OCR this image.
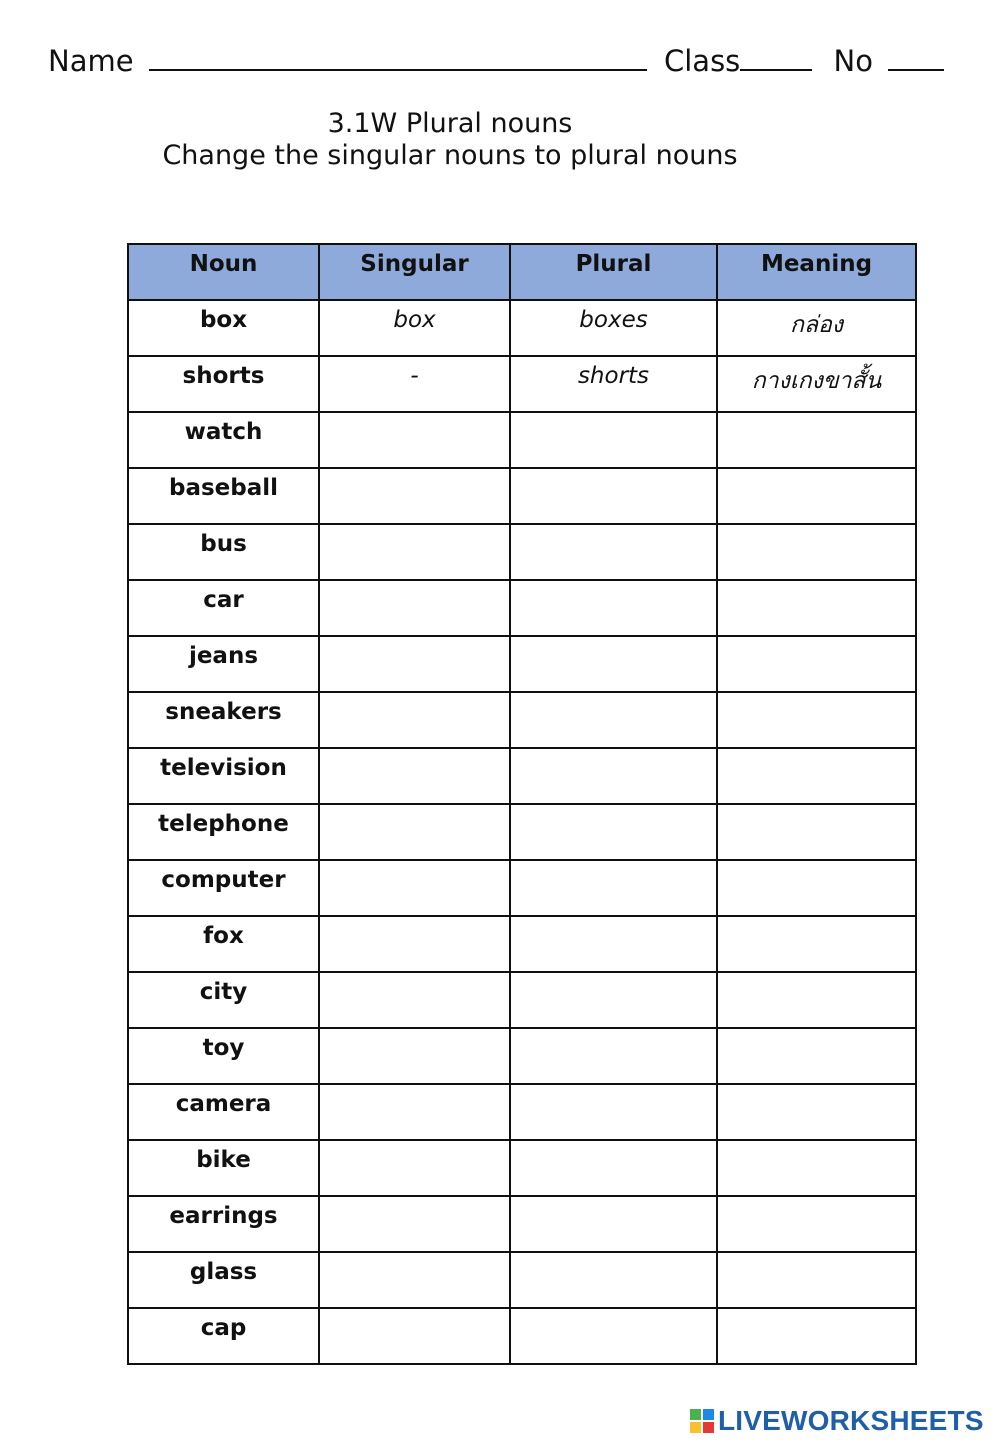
Name	Class	No
3.1W Plural nouns
Change the singular nouns to plural nouns
Noun	Singular	Plural	Meaning
box	box	boxes	กล่อง
shorts	-	shorts	กางเกงขาสั้น
watch			
baseball			
bus			
car			
jeans			
sneakers			
television			
telephone			
computer			
fox			
city			
toy			
camera			
bike			
earrings			
glass			
cap			
LIVEWORKSHEETS
